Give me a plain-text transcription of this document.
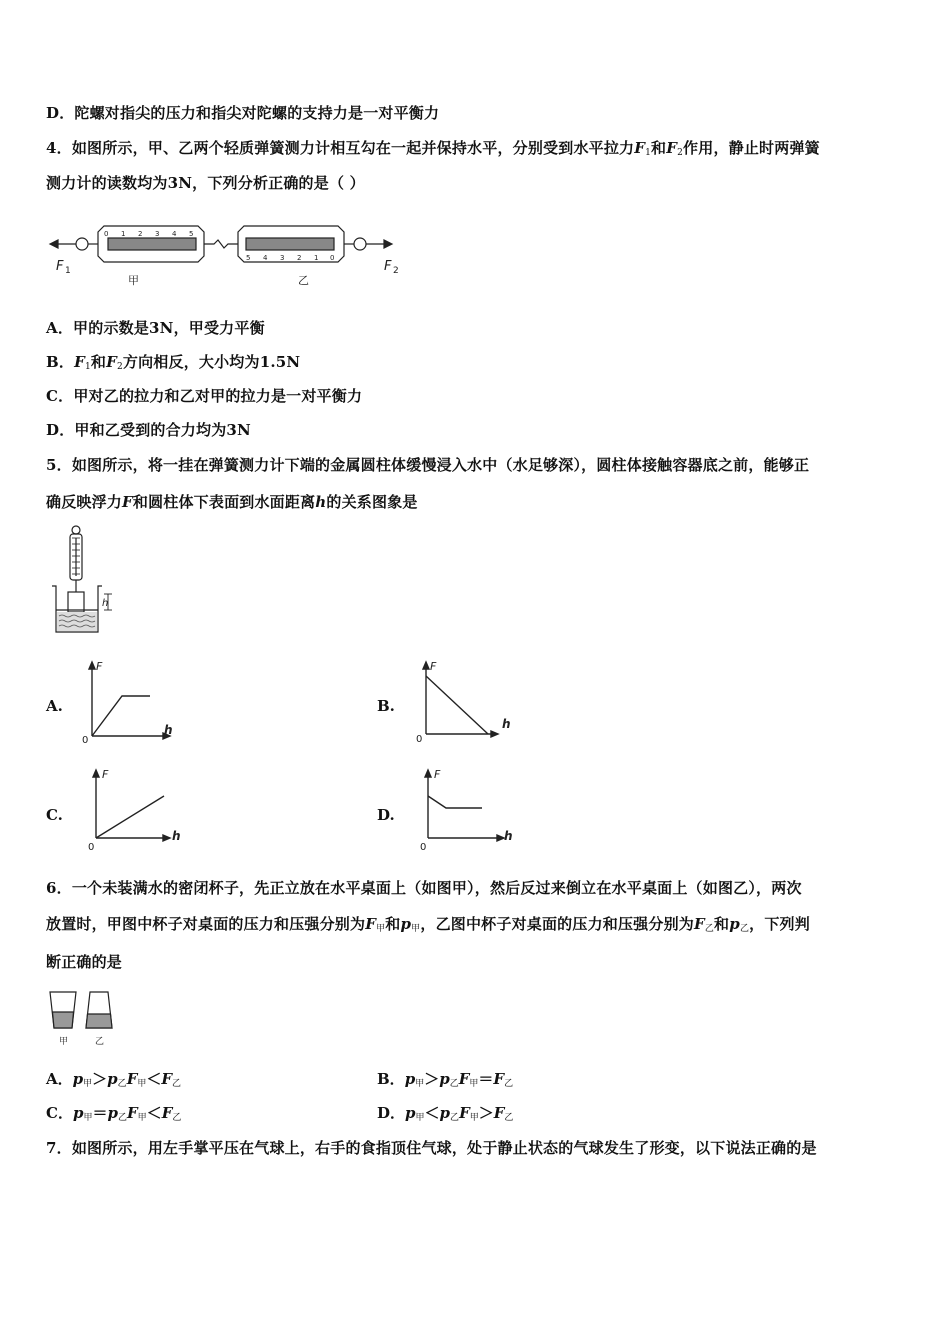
D．陀螺对指尖的压力和指尖对陀螺的支持力是一对平衡力
4．如图所示，甲、乙两个轻质弹簧测力计相互勾在一起并保持水平，分别受到水平拉力$F_1$和$F_2$作用，静止时两弹簧
测力计的读数均为3N，下列分析正确的是（ ）
0 1 2 3 4 5
5 4 3 2 1 0
F 1	F 2
甲	乙
A．甲的示数是3N，甲受力平衡
B．$F_1$和$F_2$方向相反，大小均为1.5N
C．甲对乙的拉力和乙对甲的拉力是一对平衡力
D．甲和乙受到的合力均为3N
5．如图所示，将一挂在弹簧测力计下端的金属圆柱体缓慢浸入水中（水足够深），圆柱体接触容器底之前，能够正
确反映浮力F和圆柱体下表面到水面距离h的关系图象是
h
A.
F
h
0
B.
F
h
0
C.
F
h
0
D.
F
h
0
6．一个未装满水的密闭杯子，先正立放在水平桌面上（如图甲），然后反过来倒立在水平桌面上（如图乙），两次
放置时，甲图中杯子对桌面的压力和压强分别为$F_甲$和$p_甲$，乙图中杯子对桌面的压力和压强分别为$F_乙$和$p_乙$，下列判
断正确的是
甲	乙
A．$p_甲>p_乙F_甲<F_乙$	B．$p_甲>p_乙F_甲=F_乙$
C．$p_甲=p_乙F_甲<F_乙$	D．$p_甲<p_乙F_甲>F_乙$
7．如图所示，用左手掌平压在气球上，右手的食指顶住气球，处于静止状态的气球发生了形变，以下说法正确的是
